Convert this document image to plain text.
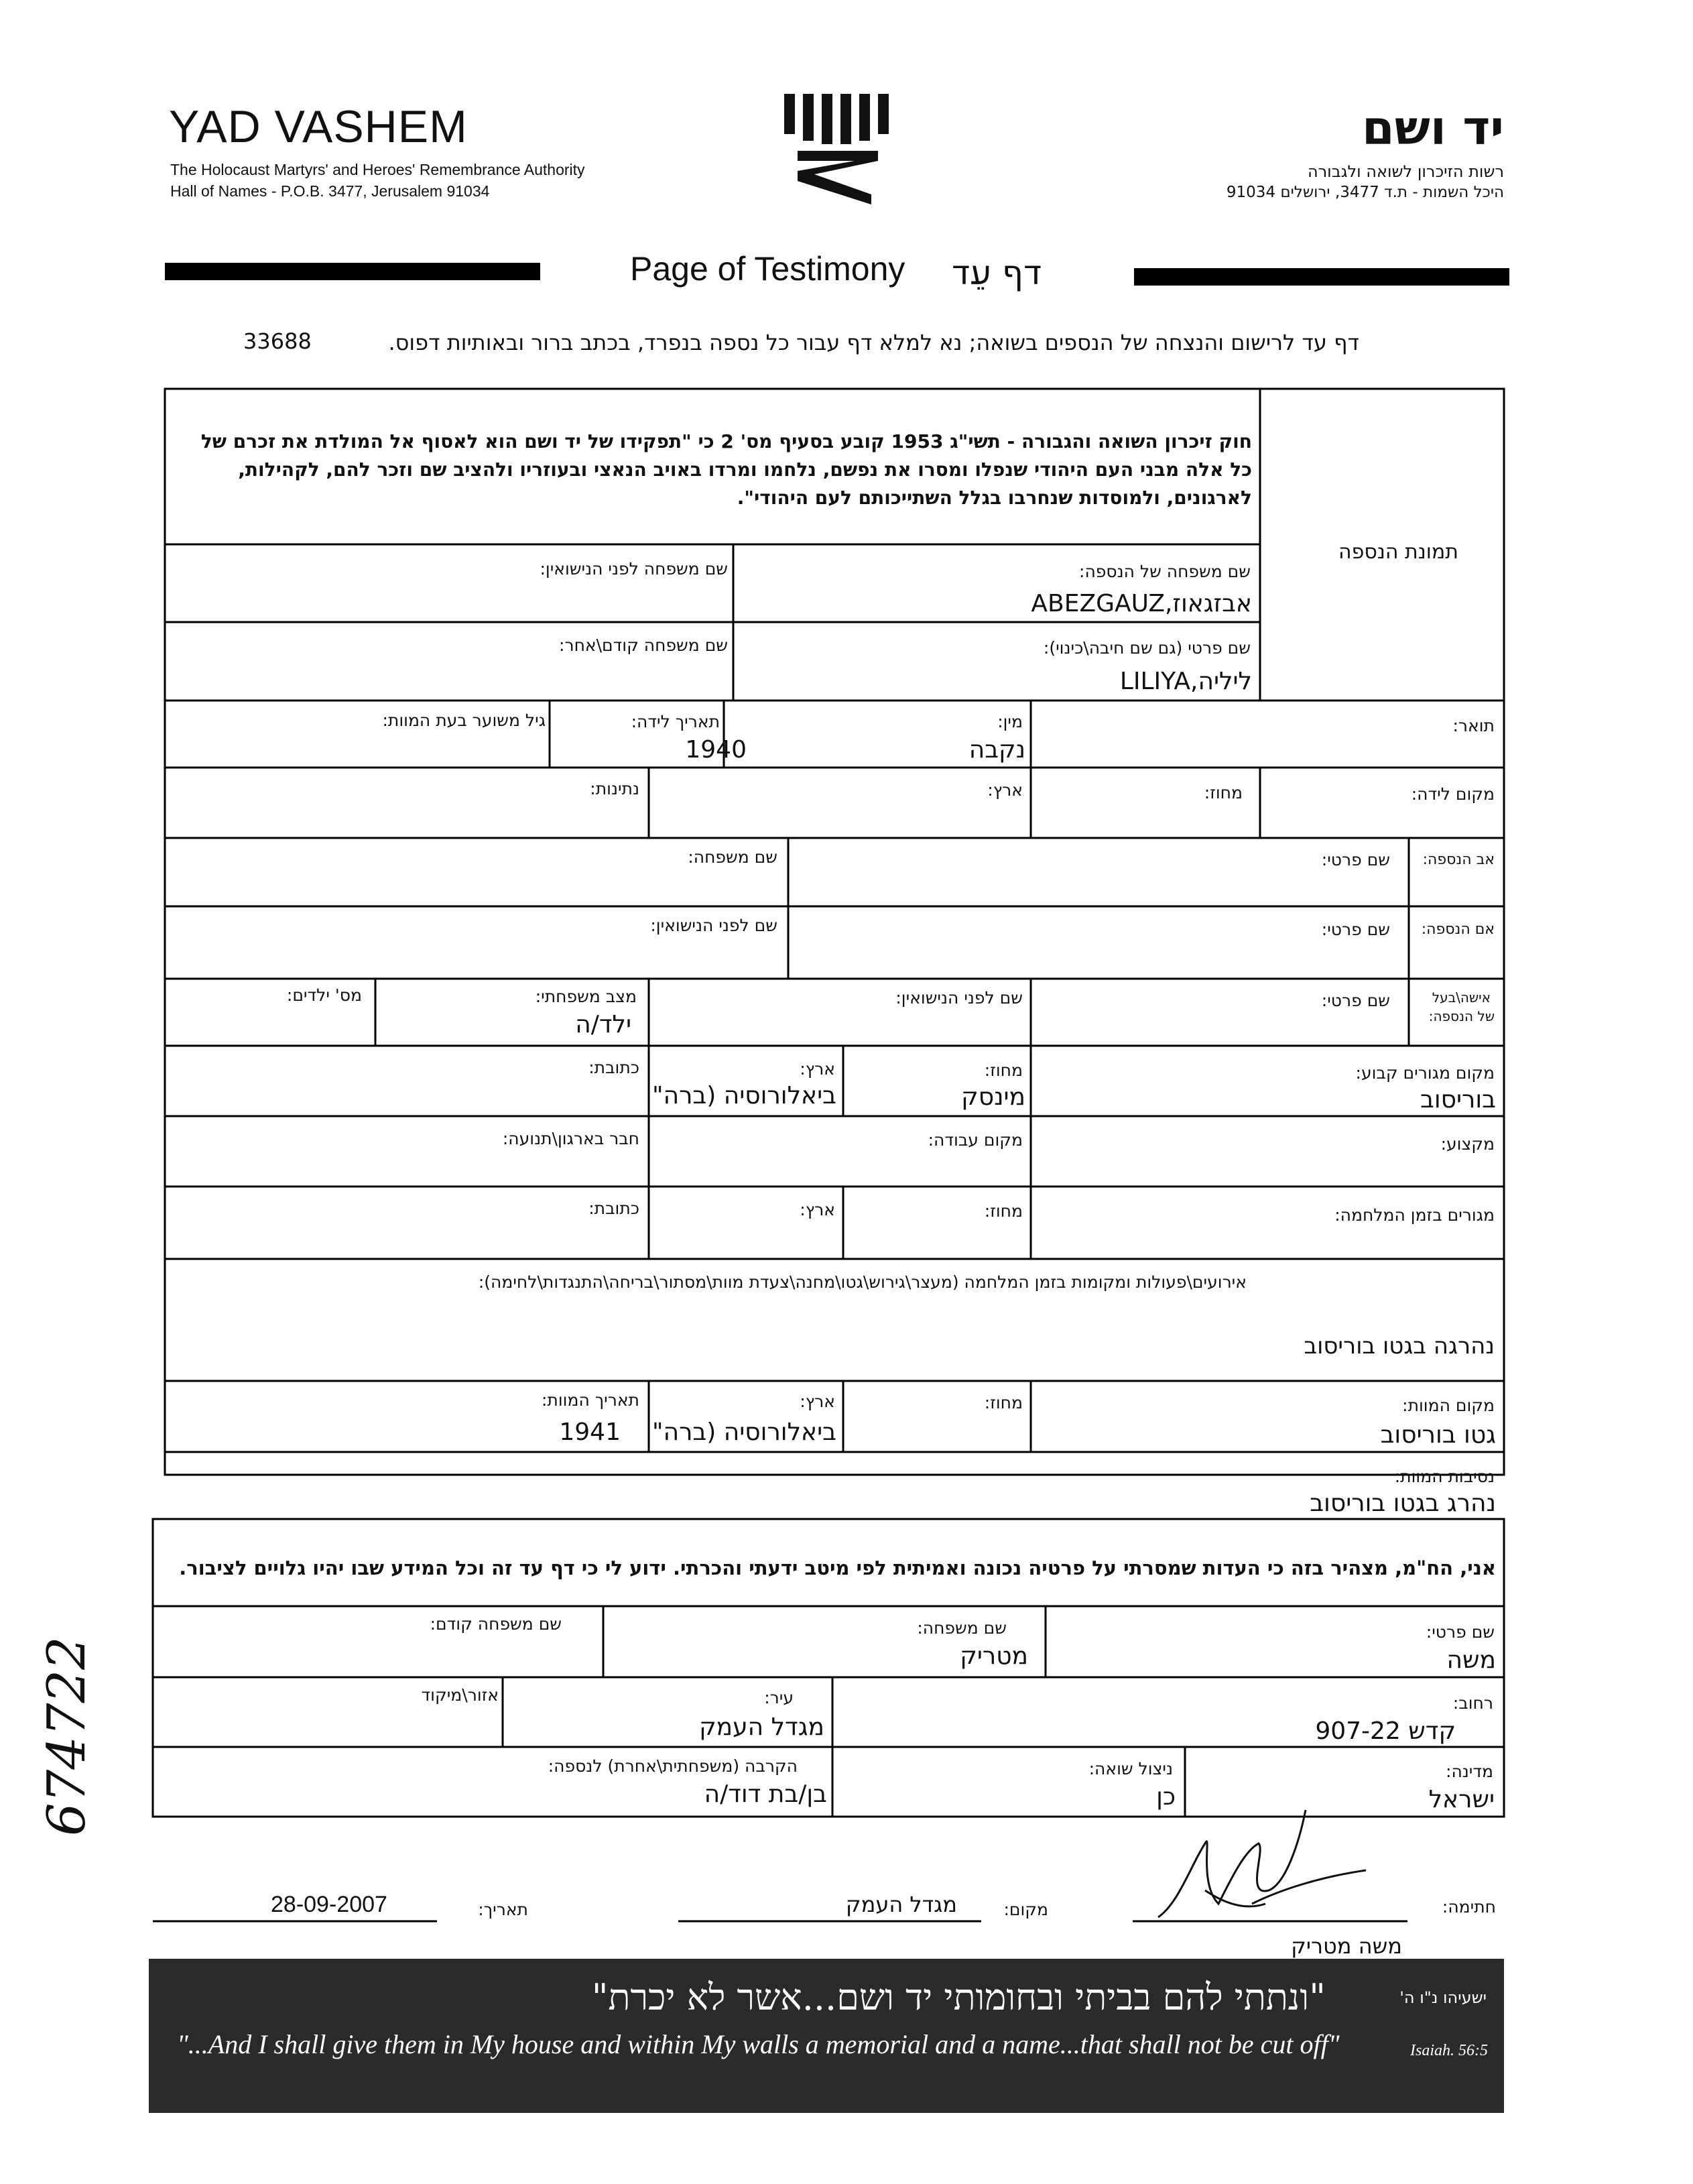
YAD VASHEM
The Holocaust Martyrs' and Heroes' Remembrance Authority
Hall of Names - P.O.B. 3477, Jerusalem 91034
יד ושם
רשות הזיכרון לשואה ולגבורה
היכל השמות - ת.ד 3477, ירושלים 91034
Page of Testimony דף עֵד
33688	דף עד לרישום והנצחה של הנספים בשואה; נא למלא דף עבור כל נספה בנפרד, בכתב ברור ובאותיות דפוס.
חוק זיכרון השואה והגבורה - תשי"ג 1953 קובע בסעיף מס' 2 כי "תפקידו של יד ושם הוא לאסוף אל המולדת את זכרם של
כל אלה מבני העם היהודי שנפלו ומסרו את נפשם, נלחמו ומרדו באויב הנאצי ובעוזריו ולהציב שם וזכר להם, לקהילות,
לארגונים, ולמוסדות שנחרבו בגלל השתייכותם לעם היהודי".
תמונת הנספה
שם משפחה של הנספה:
אבזגאוז,ABEZGAUZ
שם משפחה לפני הנישואין:
שם פרטי (גם שם חיבה\כינוי):
ליליה,LILIYA
שם משפחה קודם\אחר:
תואר:
מין:
נקבה
תאריך לידה:
1940
גיל משוער בעת המוות:
מקום לידה:
מחוז:
ארץ:
נתינות:
אב הנספה:
שם פרטי:
שם משפחה:
אם הנספה:
שם פרטי:
שם לפני הנישואין:
אישה\בעל
של הנספה:
שם פרטי:
שם לפני הנישואין:
מצב משפחתי:
ילד/ה
מס' ילדים:
מקום מגורים קבוע:
בוריסוב
מחוז:
מינסק
ארץ:
ביאלורוסיה (ברה"
כתובת:
מקצוע:
מקום עבודה:
חבר בארגון\תנועה:
מגורים בזמן המלחמה:
מחוז:
ארץ:
כתובת:
אירועים\פעולות ומקומות בזמן המלחמה (מעצר\גירוש\גטו\מחנה\צעדת מוות\מסתור\בריחה\התנגדות\לחימה):
נהרגה בגטו בוריסוב
מקום המוות:
גטו בוריסוב
מחוז:
ארץ:
ביאלורוסיה (ברה"
תאריך המוות:
1941
נסיבות המוות:
נהרג בגטו בוריסוב
אני, הח"מ, מצהיר בזה כי העדות שמסרתי על פרטיה נכונה ואמיתית לפי מיטב ידעתי והכרתי. ידוע לי כי דף עד זה וכל המידע שבו יהיו גלויים לציבור.
שם פרטי:
משה
שם משפחה:
מטריק
שם משפחה קודם:
רחוב:
קדש 907-22
עיר:
מגדל העמק
אזור\מיקוד
מדינה:
ישראל
ניצול שואה:
כן
הקרבה (משפחתית\אחרת) לנספה:
בן/בת דוד/ה
חתימה:
משה מטריק
מקום:
מגדל העמק
תאריך:
28-09-2007
"ונתתי להם בביתי ובחומותי יד ושם...אשר לא יכרת"	ישעיהו נ"ו ה'
"...And I shall give them in My house and within My walls a memorial and a name...that shall not be cut off"	Isaiah. 56:5
674722
